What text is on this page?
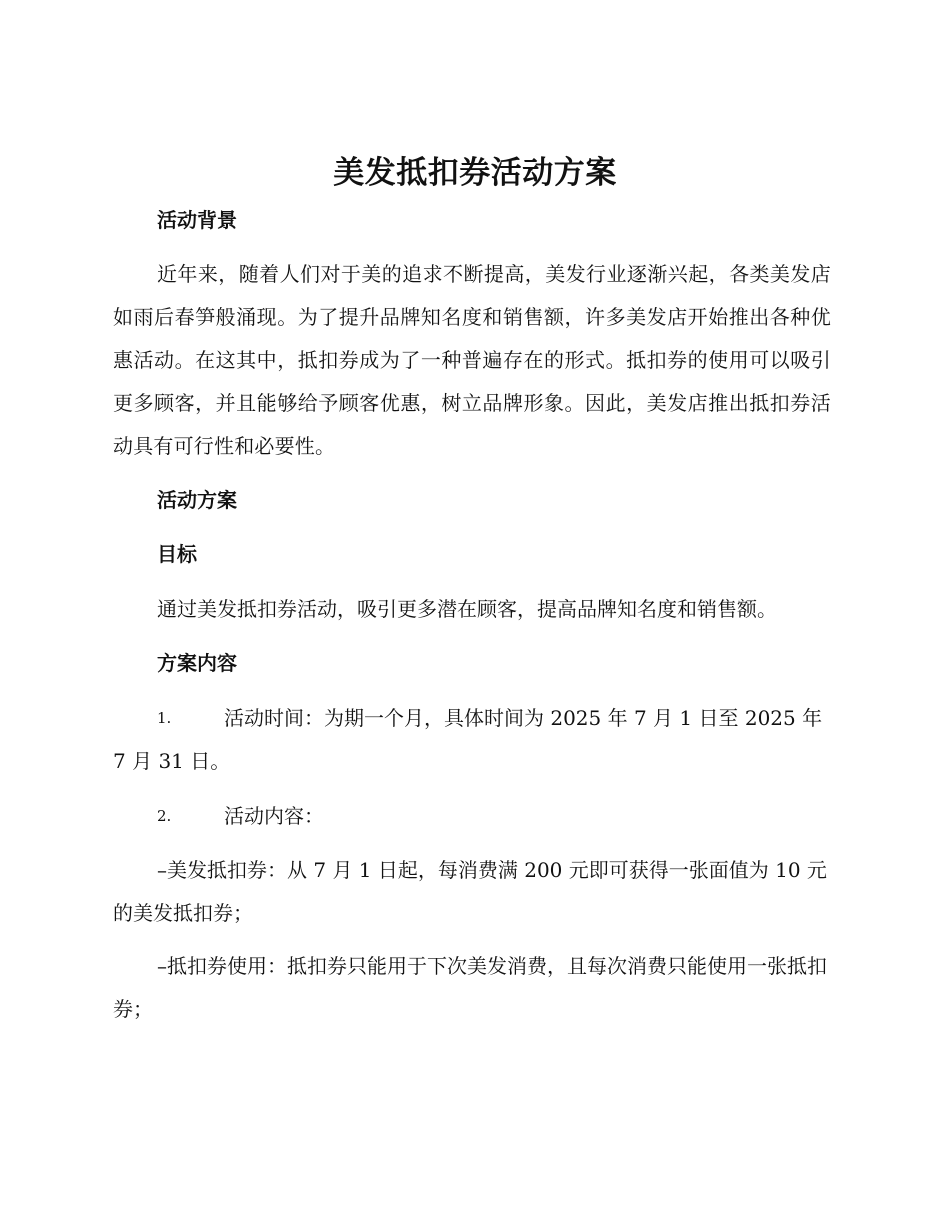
美发抵扣券活动方案
活动背景
近年来，随着人们对于美的追求不断提高，美发行业逐渐兴起，各类美发店如雨后春笋般涌现。为了提升品牌知名度和销售额，许多美发店开始推出各种优惠活动。在这其中，抵扣券成为了一种普遍存在的形式。抵扣券的使用可以吸引更多顾客，并且能够给予顾客优惠，树立品牌形象。因此，美发店推出抵扣券活动具有可行性和必要性。
活动方案
目标
通过美发抵扣券活动，吸引更多潜在顾客，提高品牌知名度和销售额。
方案内容
1.	活动时间：为期一个月，具体时间为 2025 年 7 月 1 日至 2025 年 7 月 31 日。
2.	活动内容：
–美发抵扣券：从 7 月 1 日起，每消费满 200 元即可获得一张面值为 10 元的美发抵扣券；
–抵扣券使用：抵扣券只能用于下次美发消费，且每次消费只能使用一张抵扣券；
